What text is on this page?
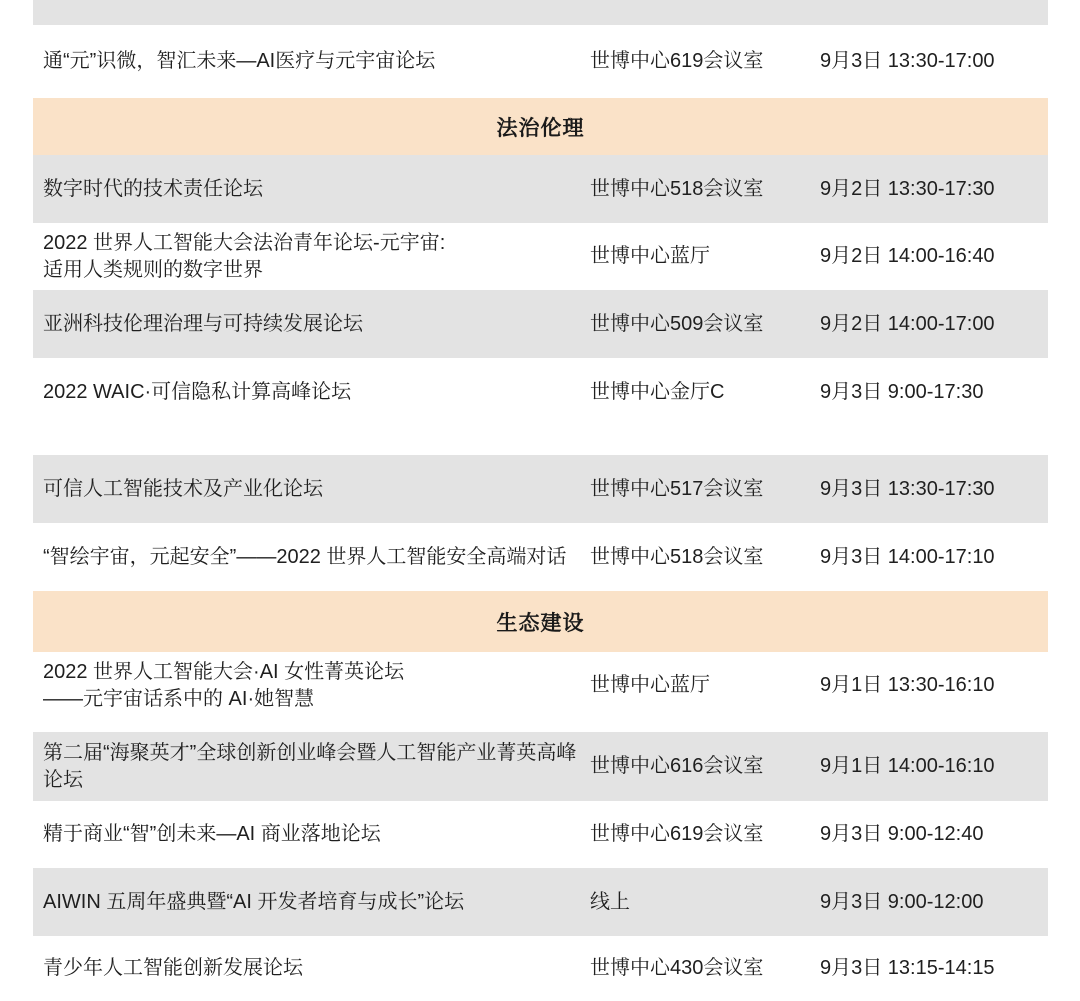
通“元”识微，智汇未来—AI医疗与元宇宙论坛	世博中心619会议室	9月3日 13:30-17:00
法治伦理
数字时代的技术责任论坛	世博中心518会议室	9月2日 13:30-17:30
2022 世界人工智能大会法治青年论坛-元宇宙:
适用人类规则的数字世界
世博中心蓝厅	9月2日 14:00-16:40
亚洲科技伦理治理与可持续发展论坛	世博中心509会议室	9月2日 14:00-17:00
2022 WAIC·可信隐私计算高峰论坛	世博中心金厅C	9月3日 9:00-17:30
可信人工智能技术及产业化论坛	世博中心517会议室	9月3日 13:30-17:30
“智绘宇宙，元起安全”——2022 世界人工智能安全高端对话	世博中心518会议室	9月3日 14:00-17:10
生态建设
2022 世界人工智能大会·AI 女性菁英论坛
——元宇宙话系中的 AI·她智慧
世博中心蓝厅	9月1日 13:30-16:10
第二届“海聚英才”全球创新创业峰会暨人工智能产业菁英高峰论坛
世博中心616会议室	9月1日 14:00-16:10
精于商业“智”创未来—AI 商业落地论坛	世博中心619会议室	9月3日 9:00-12:40
AIWIN 五周年盛典暨“AI 开发者培育与成长”论坛	线上	9月3日 9:00-12:00
青少年人工智能创新发展论坛	世博中心430会议室	9月3日 13:15-14:15
